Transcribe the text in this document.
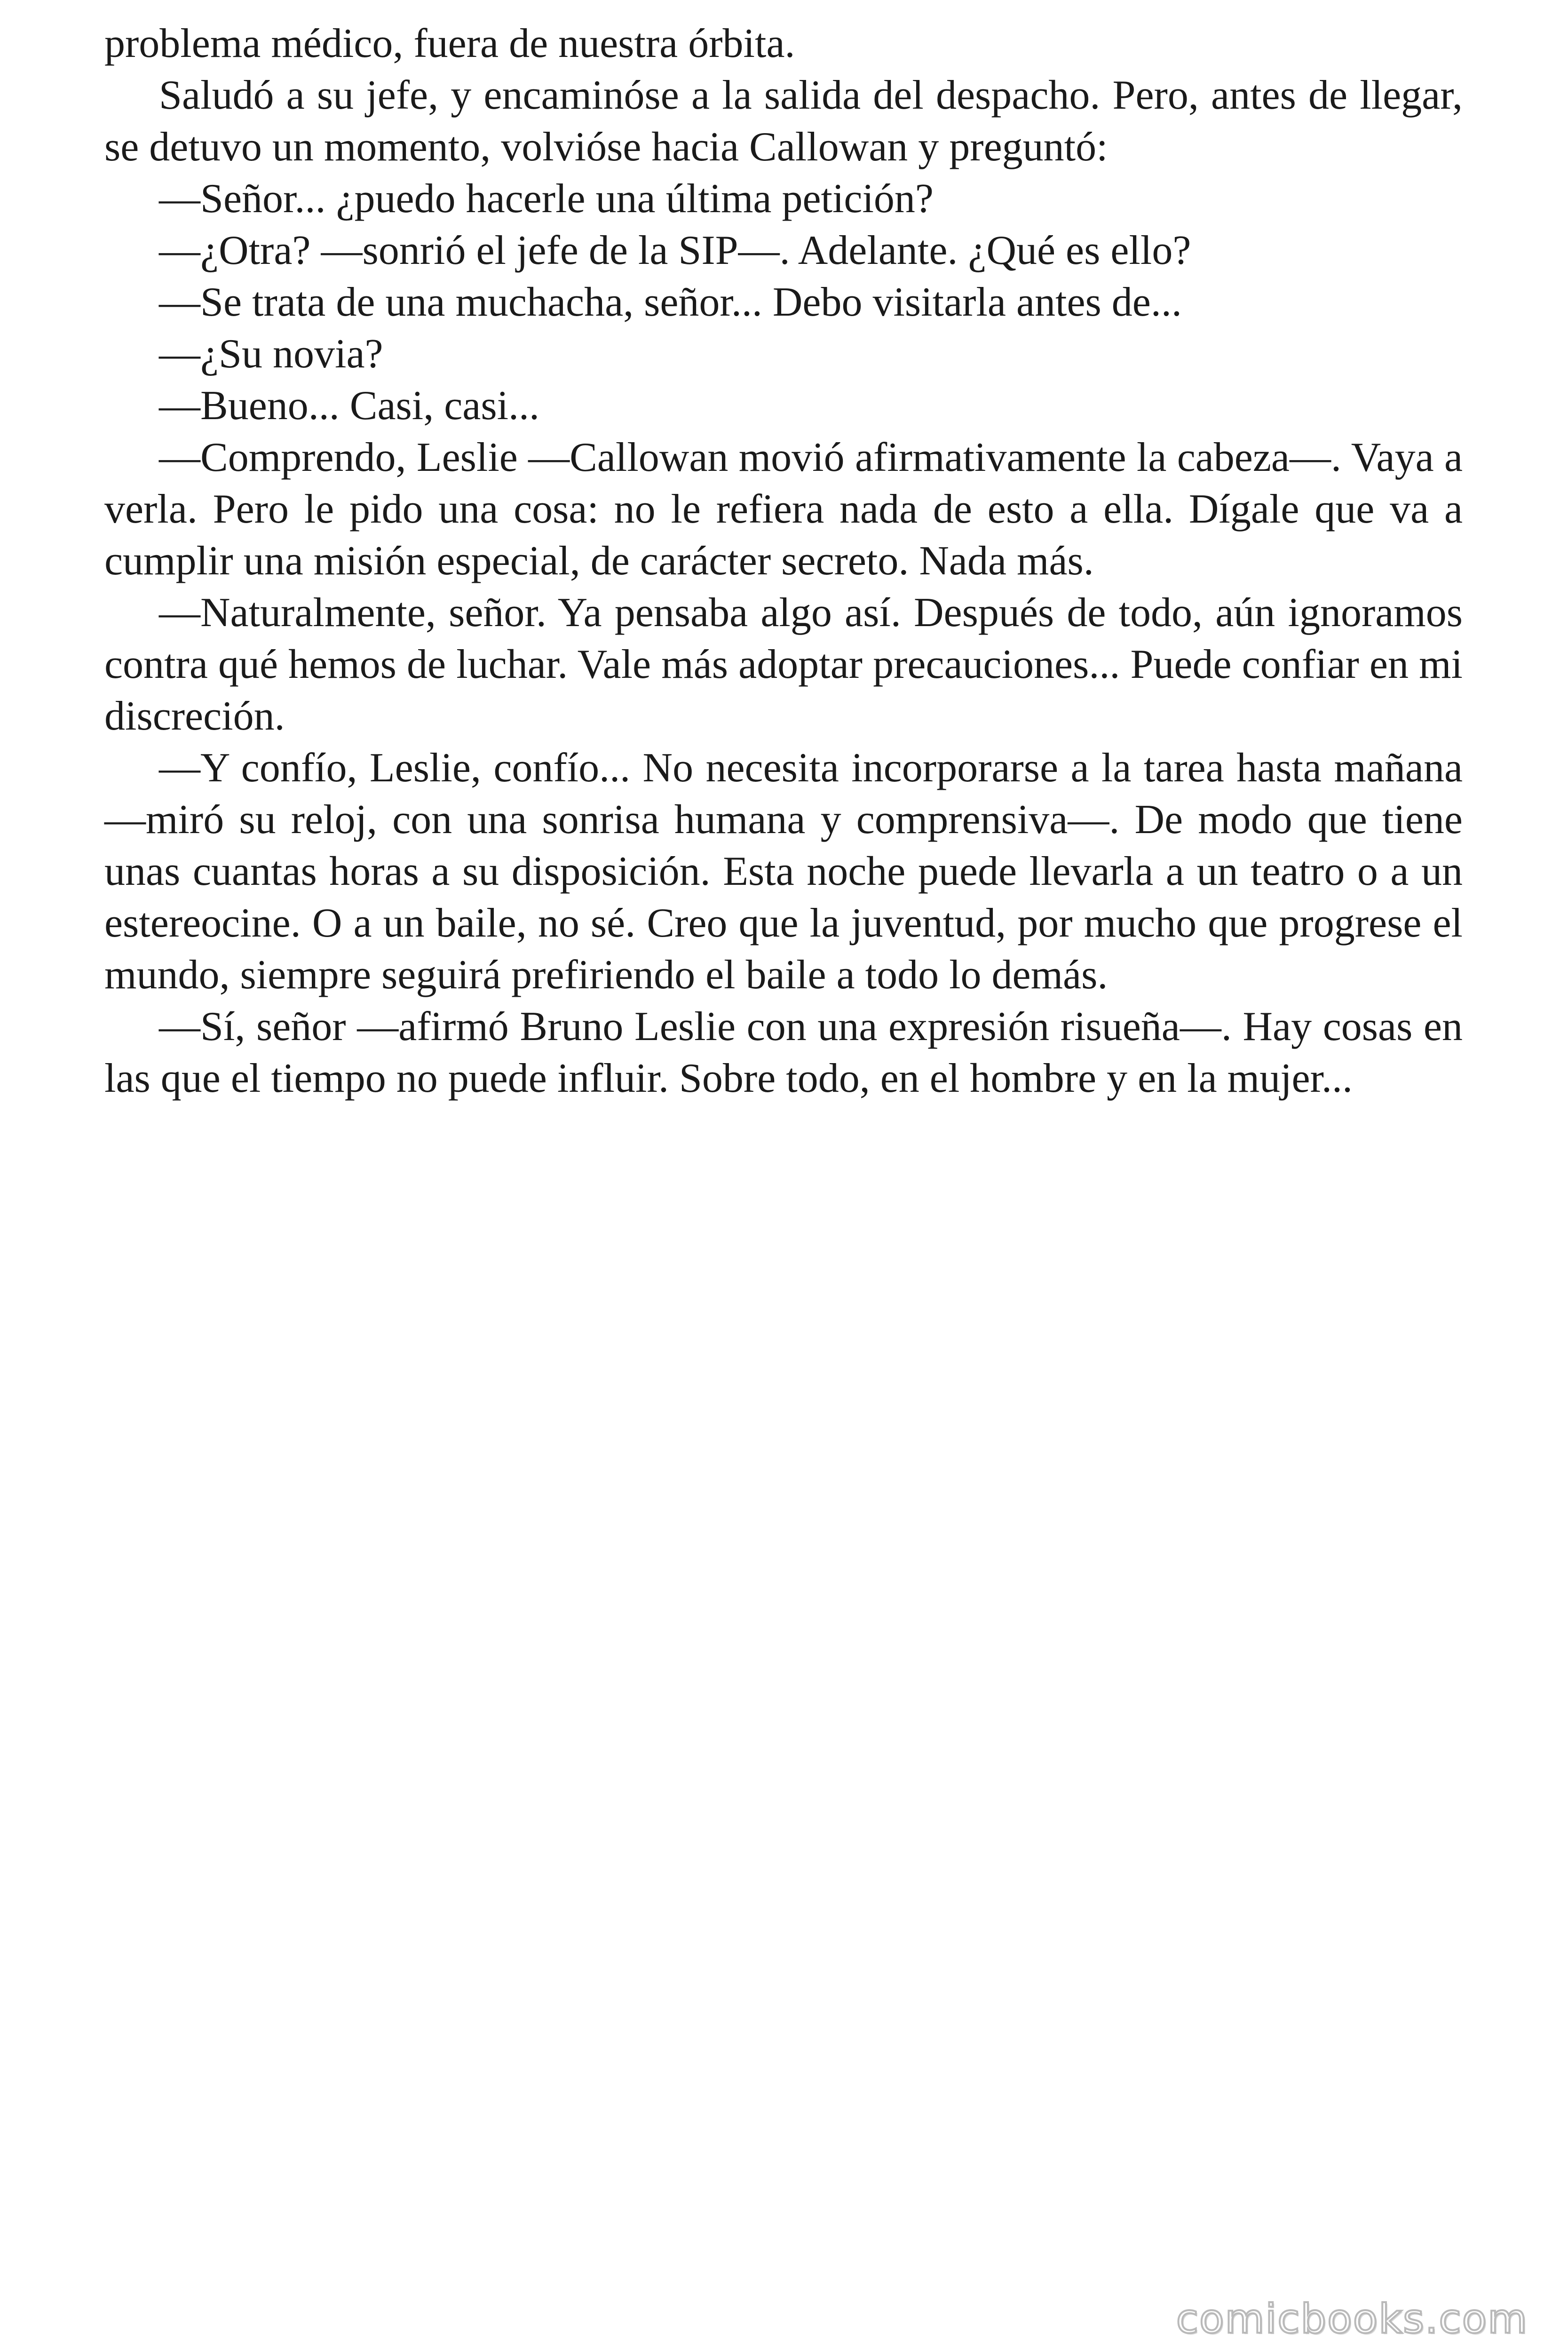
problema médico, fuera de nuestra órbita.

Saludó a su jefe, y encaminóse a la salida del despacho. Pero, antes de llegar, se detuvo un momento, volvióse hacia Callowan y preguntó:

—Señor... ¿puedo hacerle una última petición?

—¿Otra? —sonrió el jefe de la SIP—. Adelante. ¿Qué es ello?

—Se trata de una muchacha, señor... Debo visitarla antes de...

—¿Su novia?

—Bueno... Casi, casi...

—Comprendo, Leslie —Callowan movió afirmativamente la cabeza—. Vaya a verla. Pero le pido una cosa: no le refiera nada de esto a ella. Dígale que va a cumplir una misión especial, de carácter secreto. Nada más.

—Naturalmente, señor. Ya pensaba algo así. Después de todo, aún ignoramos contra qué hemos de luchar. Vale más adoptar precauciones... Puede confiar en mi discreción.

—Y confío, Leslie, confío... No necesita incorporarse a la tarea hasta mañana —miró su reloj, con una sonrisa humana y comprensiva—. De modo que tiene unas cuantas horas a su disposición. Esta noche puede llevarla a un teatro o a un estereocine. O a un baile, no sé. Creo que la juventud, por mucho que progrese el mundo, siempre seguirá prefiriendo el baile a todo lo demás.

—Sí, señor —afirmó Bruno Leslie con una expresión risueña—. Hay cosas en las que el tiempo no puede influir. Sobre todo, en el hombre y en la mujer...

comicbooks.com
